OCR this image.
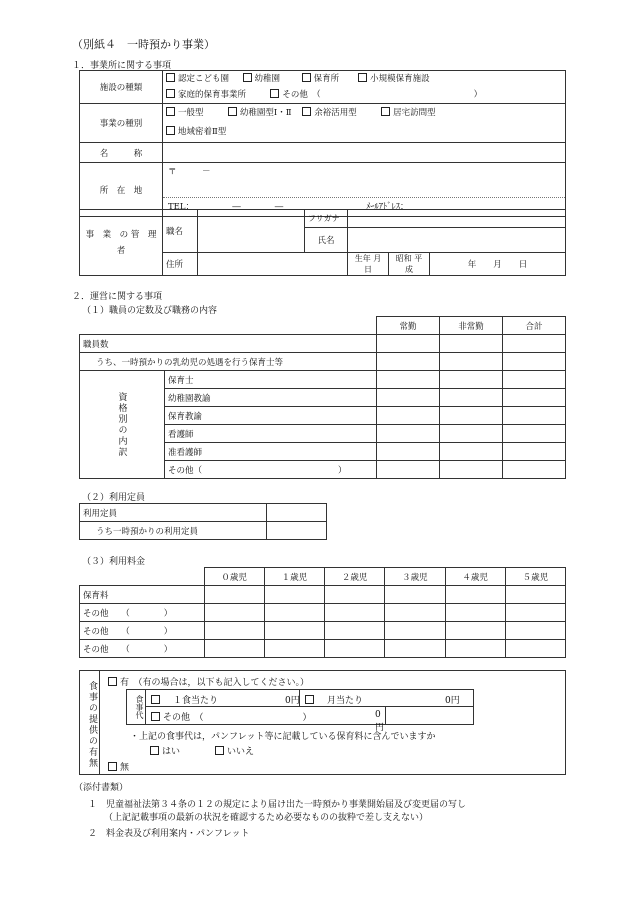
（別紙４　一時預かり事業）
１．事業所に関する事項
施設の種類	認定こども園 幼稚園 保育所 小規模保育施設
家庭的保育事業所 その他　（　　　　　　　　　　　　　　　　　　）
事業の種別	一般型 幼稚園型Ⅰ・Ⅱ 余裕活用型 居宅訪問型
地域密着Ⅱ型
名　　　称	
所　在　地	〒　　　－
TEL：　　　　　―　　　　― ﾒｰﾙｱﾄﾞﾚｽ：
事　業　の 管　理　者	職名		フリガナ			
			氏名			
	住所			生年 月日	昭和 平成	年　　月　　日
２．運営に関する事項
（１）職員の定数及び職務の内容
		常勤	非常勤	合計
職員数				
うち、一時預かりの乳幼児の処遇を行う保育士等				
資格別の内訳	保育士			
	幼稚園教諭			
	保育教諭			
	看護師			
	准看護師			
	その他（　　　　　　　　　　　　　　　　）			
（２）利用定員
利用定員	
うち一時預かりの利用定員	
（３）利用料金
	０歳児	１歳児	２歳児	３歳児	４歳児	５歳児
保育料						
その他　　（　　　　）						
その他　　（　　　　）						
その他　　（　　　　）						
食事の提供の有無	有　（有の場合は，以下も記入してください。）
食事代	１食当たり	0円	月当たり	0円
その他　（　　　　　　　　　　　）	0円
・上記の食事代は，パンフレット等に記載している保育料に含んでいますか
はい	いいえ
無
（添付書類）
１　児童福祉法第３４条の１２の規定により届け出た一時預かり事業開始届及び変更届の写し
（上記記載事項の最新の状況を確認するため必要なものの抜粋で差し支えない）
２　料金表及び利用案内・パンフレット
